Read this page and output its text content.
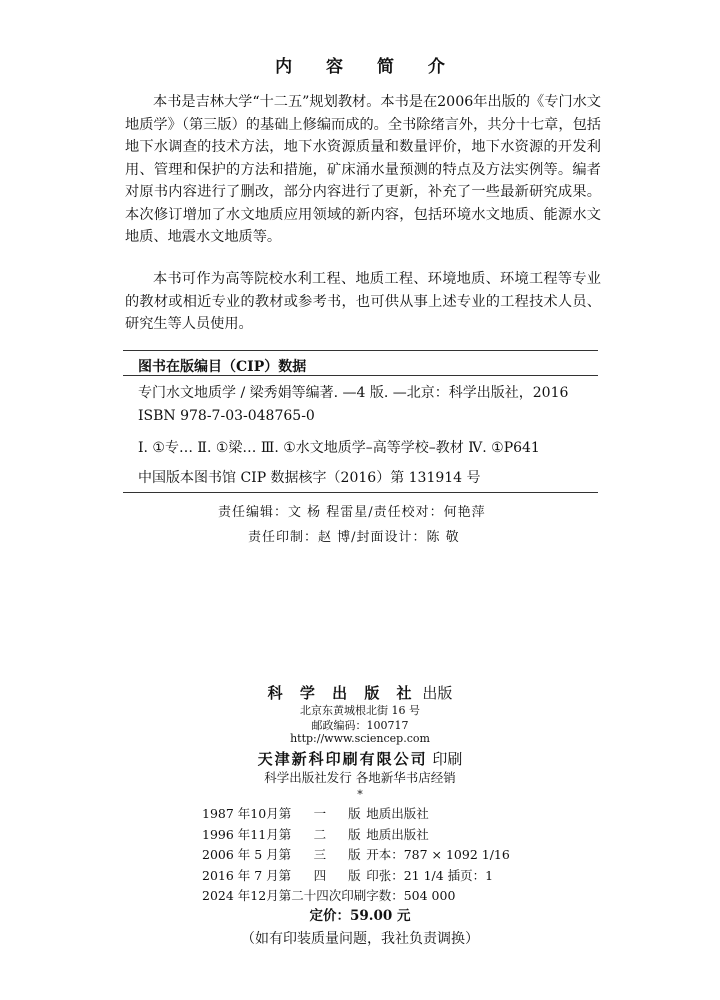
内 容 简 介
本书是吉林大学“十二五”规划教材。本书是在2006年出版的《专门水文地质学》（第三版）的基础上修编而成的。全书除绪言外，共分十七章，包括地下水调查的技术方法，地下水资源质量和数量评价，地下水资源的开发利用、管理和保护的方法和措施，矿床涌水量预测的特点及方法实例等。编者对原书内容进行了删改，部分内容进行了更新，补充了一些最新研究成果。本次修订增加了水文地质应用领域的新内容，包括环境水文地质、能源水文地质、地震水文地质等。
本书可作为高等院校水利工程、地质工程、环境地质、环境工程等专业的教材或相近专业的教材或参考书，也可供从事上述专业的工程技术人员、研究生等人员使用。
图书在版编目（CIP）数据
专门水文地质学 / 梁秀娟等编著. —4 版. —北京：科学出版社，2016
ISBN 978-7-03-048765-0
Ⅰ. ①专… Ⅱ. ①梁… Ⅲ. ①水文地质学–高等学校–教材 Ⅳ. ①P641
中国版本图书馆 CIP 数据核字（2016）第 131914 号
责任编辑：文 杨 程雷星/责任校对：何艳萍
责任印制：赵 博/封面设计：陈 敬
科 学 出 版 社 出版
北京东黄城根北街 16 号
邮政编码：100717
http://www.sciencep.com
天津新科印刷有限公司 印刷
科学出版社发行 各地新华书店经销
*
1987 年10月第	一	版	地质出版社
1996 年11月第	二	版	地质出版社
2006 年 5 月第	三	版	开本：787 × 1092 1/16
2016 年 7 月第	四	版	印张：21 1/4 插页：1
2024 年12月第二十四次印刷			字数：504 000
定价：59.00 元
（如有印装质量问题，我社负责调换）
